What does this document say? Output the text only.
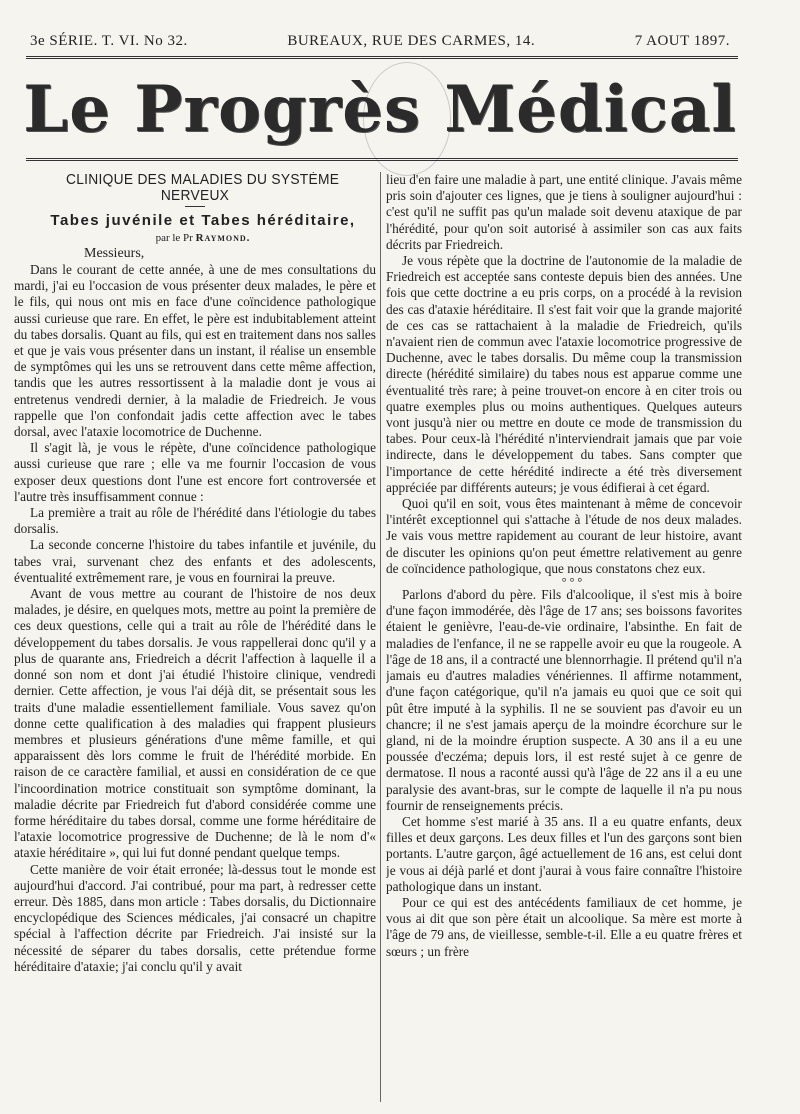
3e SÉRIE. T. VI. No 32.	BUREAUX, RUE DES CARMES, 14.	7 AOUT 1897.
Le Progrès Médical

CLINIQUE DES MALADIES DU SYSTÈME NERVEUX

Tabes juvénile et Tabes héréditaire,

par le Pr Raymond.

Messieurs,

Dans le courant de cette année, à une de mes consultations du mardi, j'ai eu l'occasion de vous présenter deux malades, le père et le fils, qui nous ont mis en face d'une coïncidence pathologique aussi curieuse que rare. En effet, le père est indubitablement atteint du tabes dorsalis. Quant au fils, qui est en traitement dans nos salles et que je vais vous présenter dans un instant, il réalise un ensemble de symptômes qui les uns se retrouvent dans cette même affection, tandis que les autres ressortissent à la maladie dont je vous ai entretenus vendredi dernier, à la maladie de Friedreich. Je vous rappelle que l'on confondait jadis cette affection avec le tabes dorsal, avec l'ataxie locomotrice de Duchenne.

Il s'agit là, je vous le répète, d'une coïncidence pathologique aussi curieuse que rare ; elle va me fournir l'occasion de vous exposer deux questions dont l'une est encore fort controversée et l'autre très insuffisamment connue :

La première a trait au rôle de l'hérédité dans l'étiologie du tabes dorsalis.

La seconde concerne l'histoire du tabes infantile et juvénile, du tabes vrai, survenant chez des enfants et des adolescents, éventualité extrêmement rare, je vous en fournirai la preuve.

Avant de vous mettre au courant de l'histoire de nos deux malades, je désire, en quelques mots, mettre au point la première de ces deux questions, celle qui a trait au rôle de l'hérédité dans le développement du tabes dorsalis. Je vous rappellerai donc qu'il y a plus de quarante ans, Friedreich a décrit l'affection à laquelle il a donné son nom et dont j'ai étudié l'histoire clinique, vendredi dernier. Cette affection, je vous l'ai déjà dit, se présentait sous les traits d'une maladie essentiellement familiale. Vous savez qu'on donne cette qualification à des maladies qui frappent plusieurs membres et plusieurs générations d'une même famille, et qui apparaissent dès lors comme le fruit de l'hérédité morbide. En raison de ce caractère familial, et aussi en considération de ce que l'incoordination motrice constituait son symptôme dominant, la maladie décrite par Friedreich fut d'abord considérée comme une forme héréditaire du tabes dorsal, comme une forme héréditaire de l'ataxie locomotrice progressive de Duchenne; de là le nom d'« ataxie héréditaire », qui lui fut donné pendant quelque temps.

Cette manière de voir était erronée; là-dessus tout le monde est aujourd'hui d'accord. J'ai contribué, pour ma part, à redresser cette erreur. Dès 1885, dans mon article : Tabes dorsalis, du Dictionnaire encyclopédique des Sciences médicales, j'ai consacré un chapitre spécial à l'affection décrite par Friedreich. J'ai insisté sur la nécessité de séparer du tabes dorsalis, cette prétendue forme héréditaire d'ataxie; j'ai conclu qu'il y avait

lieu d'en faire une maladie à part, une entité clinique. J'avais même pris soin d'ajouter ces lignes, que je tiens à souligner aujourd'hui : c'est qu'il ne suffit pas qu'un malade soit devenu ataxique de par l'hérédité, pour qu'on soit autorisé à assimiler son cas aux faits décrits par Friedreich.

Je vous répète que la doctrine de l'autonomie de la maladie de Friedreich est acceptée sans conteste depuis bien des années. Une fois que cette doctrine a eu pris corps, on a procédé à la revision des cas d'ataxie héréditaire. Il s'est fait voir que la grande majorité de ces cas se rattachaient à la maladie de Friedreich, qu'ils n'avaient rien de commun avec l'ataxie locomotrice progressive de Duchenne, avec le tabes dorsalis. Du même coup la transmission directe (hérédité similaire) du tabes nous est apparue comme une éventualité très rare; à peine trouvet-on encore à en citer trois ou quatre exemples plus ou moins authentiques. Quelques auteurs vont jusqu'à nier ou mettre en doute ce mode de transmission du tabes. Pour ceux-là l'hérédité n'interviendrait jamais que par voie indirecte, dans le développement du tabes. Sans compter que l'importance de cette hérédité indirecte a été très diversement appréciée par différents auteurs; je vous édifierai à cet égard.

Quoi qu'il en soit, vous êtes maintenant à même de concevoir l'intérêt exceptionnel qui s'attache à l'étude de nos deux malades. Je vais vous mettre rapidement au courant de leur histoire, avant de discuter les opinions qu'on peut émettre relativement au genre de coïncidence pathologique, que nous constatons chez eux.

° ° °

Parlons d'abord du père. Fils d'alcoolique, il s'est mis à boire d'une façon immodérée, dès l'âge de 17 ans; ses boissons favorites étaient le genièvre, l'eau-de-vie ordinaire, l'absinthe. En fait de maladies de l'enfance, il ne se rappelle avoir eu que la rougeole. A l'âge de 18 ans, il a contracté une blennorrhagie. Il prétend qu'il n'a jamais eu d'autres maladies vénériennes. Il affirme notamment, d'une façon catégorique, qu'il n'a jamais eu quoi que ce soit qui pût être imputé à la syphilis. Il ne se souvient pas d'avoir eu un chancre; il ne s'est jamais aperçu de la moindre écorchure sur le gland, ni de la moindre éruption suspecte. A 30 ans il a eu une poussée d'eczéma; depuis lors, il est resté sujet à ce genre de dermatose. Il nous a raconté aussi qu'à l'âge de 22 ans il a eu une paralysie des avant-bras, sur le compte de laquelle il n'a pu nous fournir de renseignements précis.

Cet homme s'est marié à 35 ans. Il a eu quatre enfants, deux filles et deux garçons. Les deux filles et l'un des garçons sont bien portants. L'autre garçon, âgé actuellement de 16 ans, est celui dont je vous ai déjà parlé et dont j'aurai à vous faire connaître l'histoire pathologique dans un instant.

Pour ce qui est des antécédents familiaux de cet homme, je vous ai dit que son père était un alcoolique. Sa mère est morte à l'âge de 79 ans, de vieillesse, semble-t-il. Elle a eu quatre frères et sœurs ; un frère
